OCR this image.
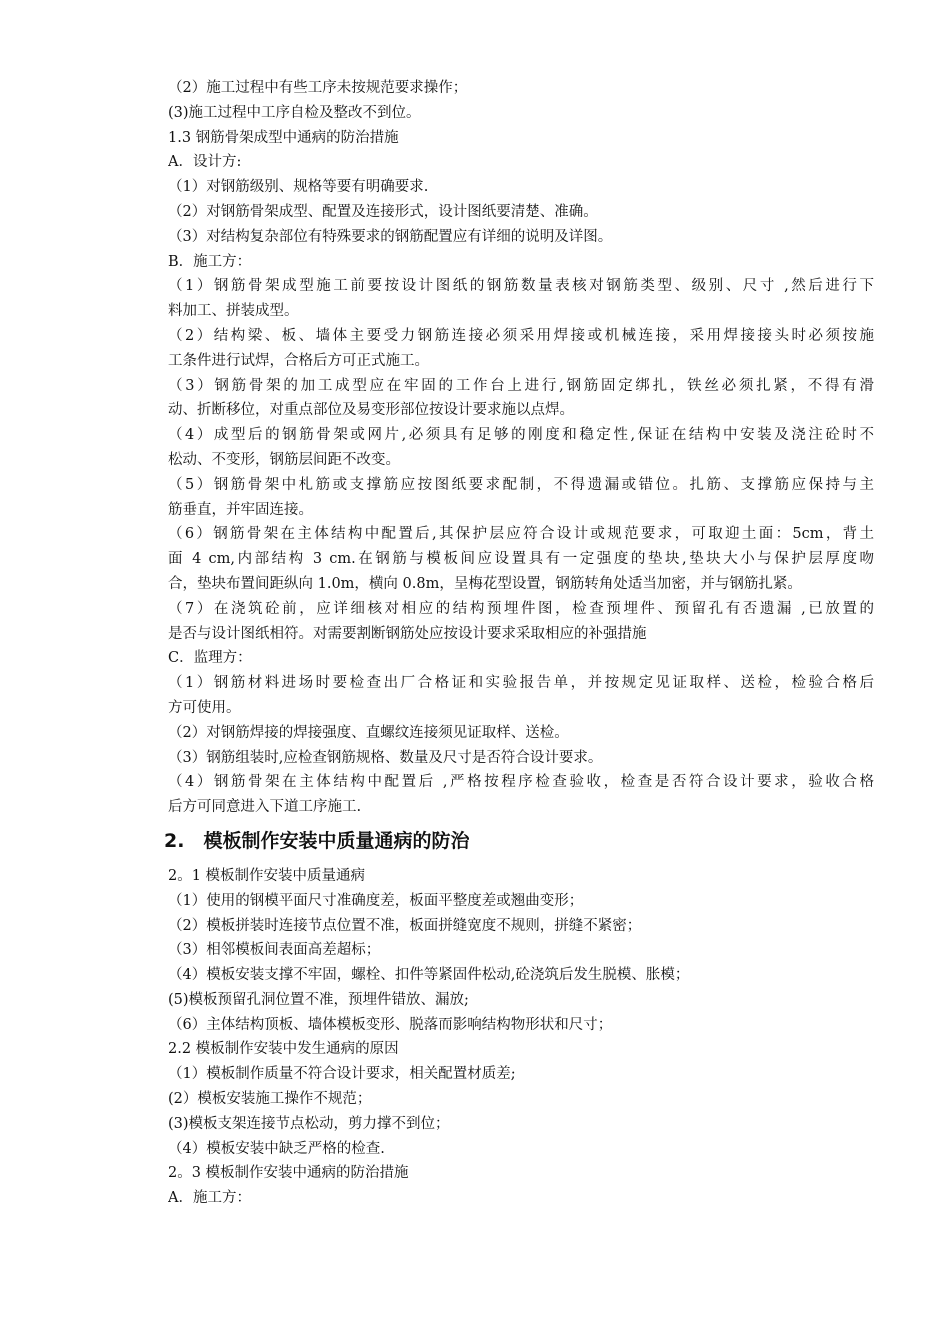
（2）施工过程中有些工序未按规范要求操作；
(3)施工过程中工序自检及整改不到位。
1.3 钢筋骨架成型中通病的防治措施
A．设计方:
（1）对钢筋级别、规格等要有明确要求.
（2）对钢筋骨架成型、配置及连接形式，设计图纸要清楚、准确。
（3）对结构复杂部位有特殊要求的钢筋配置应有详细的说明及详图。
B．施工方：
（1）钢筋骨架成型施工前要按设计图纸的钢筋数量表核对钢筋类型、级别、尺寸 ,然后进行下
料加工、拼装成型。
（2）结构梁、板、墙体主要受力钢筋连接必须采用焊接或机械连接，采用焊接接头时必须按施
工条件进行试焊，合格后方可正式施工。
（3）钢筋骨架的加工成型应在牢固的工作台上进行,钢筋固定绑扎，铁丝必须扎紧，不得有滑
动、折断移位，对重点部位及易变形部位按设计要求施以点焊。
（4）成型后的钢筋骨架或网片,必须具有足够的刚度和稳定性,保证在结构中安装及浇注砼时不
松动、不变形，钢筋层间距不改变。
（5）钢筋骨架中札筋或支撑筋应按图纸要求配制，不得遗漏或错位。扎筋、支撑筋应保持与主
筋垂直，并牢固连接。
（6）钢筋骨架在主体结构中配置后,其保护层应符合设计或规范要求，可取迎土面：5cm，背土
面 4 cm,内部结构 3 cm.在钢筋与模板间应设置具有一定强度的垫块,垫块大小与保护层厚度吻
合，垫块布置间距纵向 1.0m，横向 0.8m，呈梅花型设置，钢筋转角处适当加密，并与钢筋扎紧。
（7）在浇筑砼前，应详细核对相应的结构预埋件图，检查预埋件、预留孔有否遗漏 ,已放置的
是否与设计图纸相符。对需要割断钢筋处应按设计要求采取相应的补强措施
C．监理方：
（1）钢筋材料进场时要检查出厂合格证和实验报告单，并按规定见证取样、送检，检验合格后
方可使用。
（2）对钢筋焊接的焊接强度、直螺纹连接须见证取样、送检。
（3）钢筋组装时,应检查钢筋规格、数量及尺寸是否符合设计要求。
（4）钢筋骨架在主体结构中配置后 ,严格按程序检查验收，检查是否符合设计要求，验收合格
后方可同意进入下道工序施工.
2.　模板制作安装中质量通病的防治
2。1 模板制作安装中质量通病
（1）使用的钢模平面尺寸准确度差，板面平整度差或翘曲变形；
（2）模板拼装时连接节点位置不准，板面拼缝宽度不规则，拼缝不紧密；
（3）相邻模板间表面高差超标；
（4）模板安装支撑不牢固，螺栓、扣件等紧固件松动,砼浇筑后发生脱模、胀模；
(5)模板预留孔洞位置不准，预埋件错放、漏放;
（6）主体结构顶板、墙体模板变形、脱落而影响结构物形状和尺寸；
2.2 模板制作安装中发生通病的原因
（1）模板制作质量不符合设计要求，相关配置材质差;
(2）模板安装施工操作不规范；
(3)模板支架连接节点松动，剪力撑不到位；
（4）模板安装中缺乏严格的检查.
2。3 模板制作安装中通病的防治措施
A．施工方：
